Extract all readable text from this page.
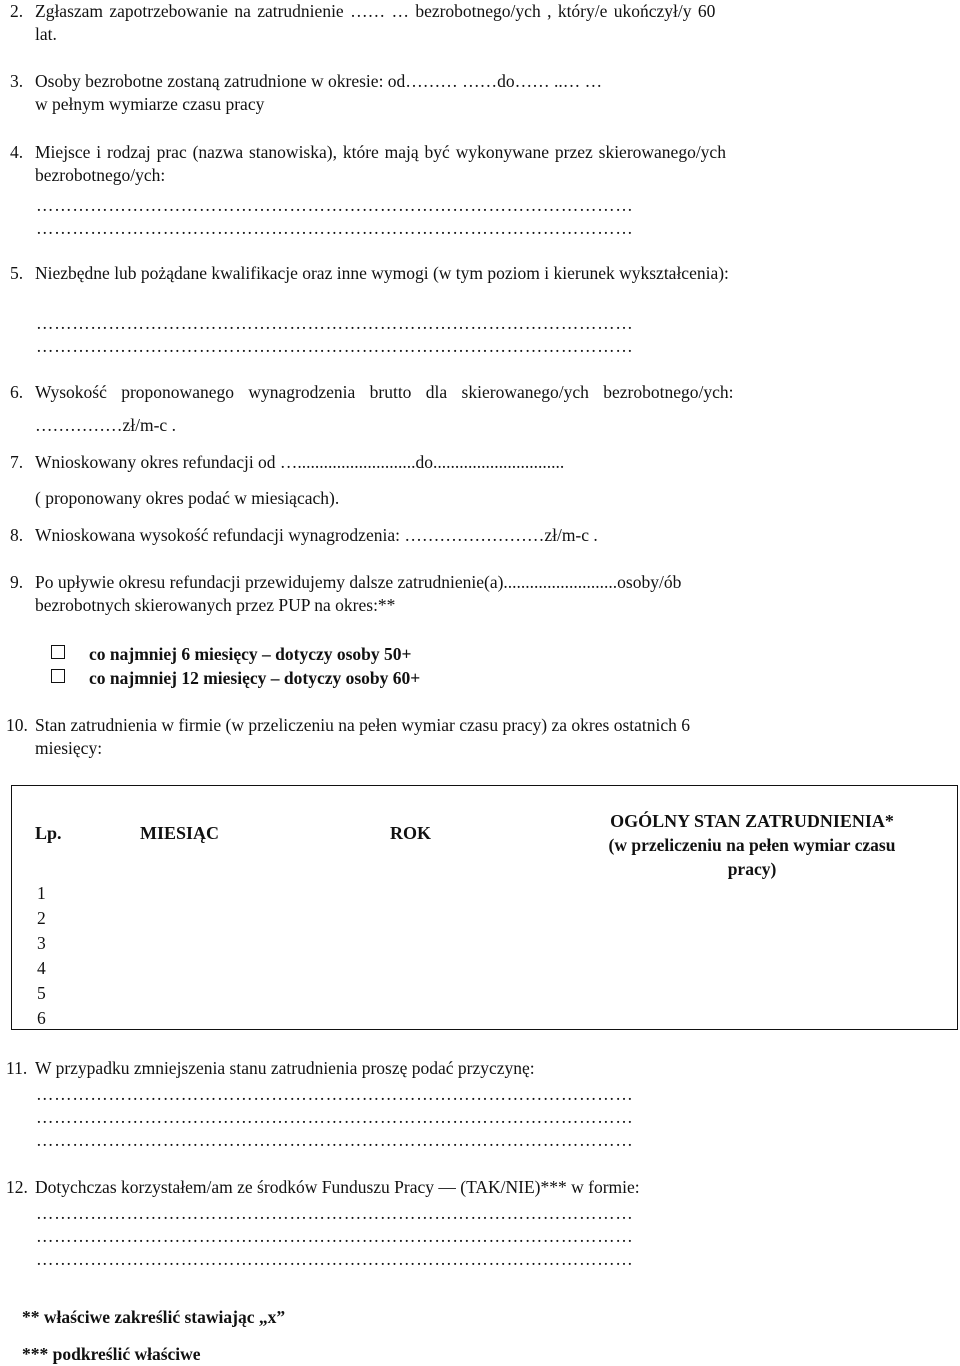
2. Zgłaszam zapotrzebowanie na zatrudnienie …… … bezrobotnego/ych , który/e ukończył/y 60
lat.
3. Osoby bezrobotne zostaną zatrudnione w okresie: od……… ……do…… ..… …
w pełnym wymiarze czasu pracy
4. Miejsce i rodzaj prac (nazwa stanowiska), które mają być wykonywane przez skierowanego/ych
bezrobotnego/ych:
………………………………………………………………………………………
………………………………………………………………………………………
5. Niezbędne lub pożądane kwalifikacje oraz inne wymogi (w tym poziom i kierunek wykształcenia):
………………………………………………………………………………………
………………………………………………………………………………………
6. Wysokość proponowanego wynagrodzenia brutto dla skierowanego/ych bezrobotnego/ych:
……………zł/m-c .
7. Wnioskowany okres refundacji od …...........................do..............................
( proponowany okres podać w miesiącach).
8. Wnioskowana wysokość refundacji wynagrodzenia: ……………………zł/m-c .
9. Po upływie okresu refundacji przewidujemy dalsze zatrudnienie(a)..........................osoby/ób
bezrobotnych skierowanych przez PUP na okres:**
co najmniej 6 miesięcy – dotyczy osoby 50+
co najmniej 12 miesięcy – dotyczy osoby 60+
10. Stan zatrudnienia w firmie (w przeliczeniu na pełen wymiar czasu pracy) za okres ostatnich 6
miesięcy:
Lp.	MIESIĄC	ROK
OGÓLNY STAN ZATRUDNIENIA*
(w przeliczeniu na pełen wymiar czasu
pracy)
1
2
3
4
5
6
11. W przypadku zmniejszenia stanu zatrudnienia proszę podać przyczynę:
………………………………………………………………………………………
………………………………………………………………………………………
………………………………………………………………………………………
12. Dotychczas korzystałem/am ze środków Funduszu Pracy — (TAK/NIE)*** w formie:
………………………………………………………………………………………
………………………………………………………………………………………
………………………………………………………………………………………
** właściwe zakreślić stawiając „x”
*** podkreślić właściwe
